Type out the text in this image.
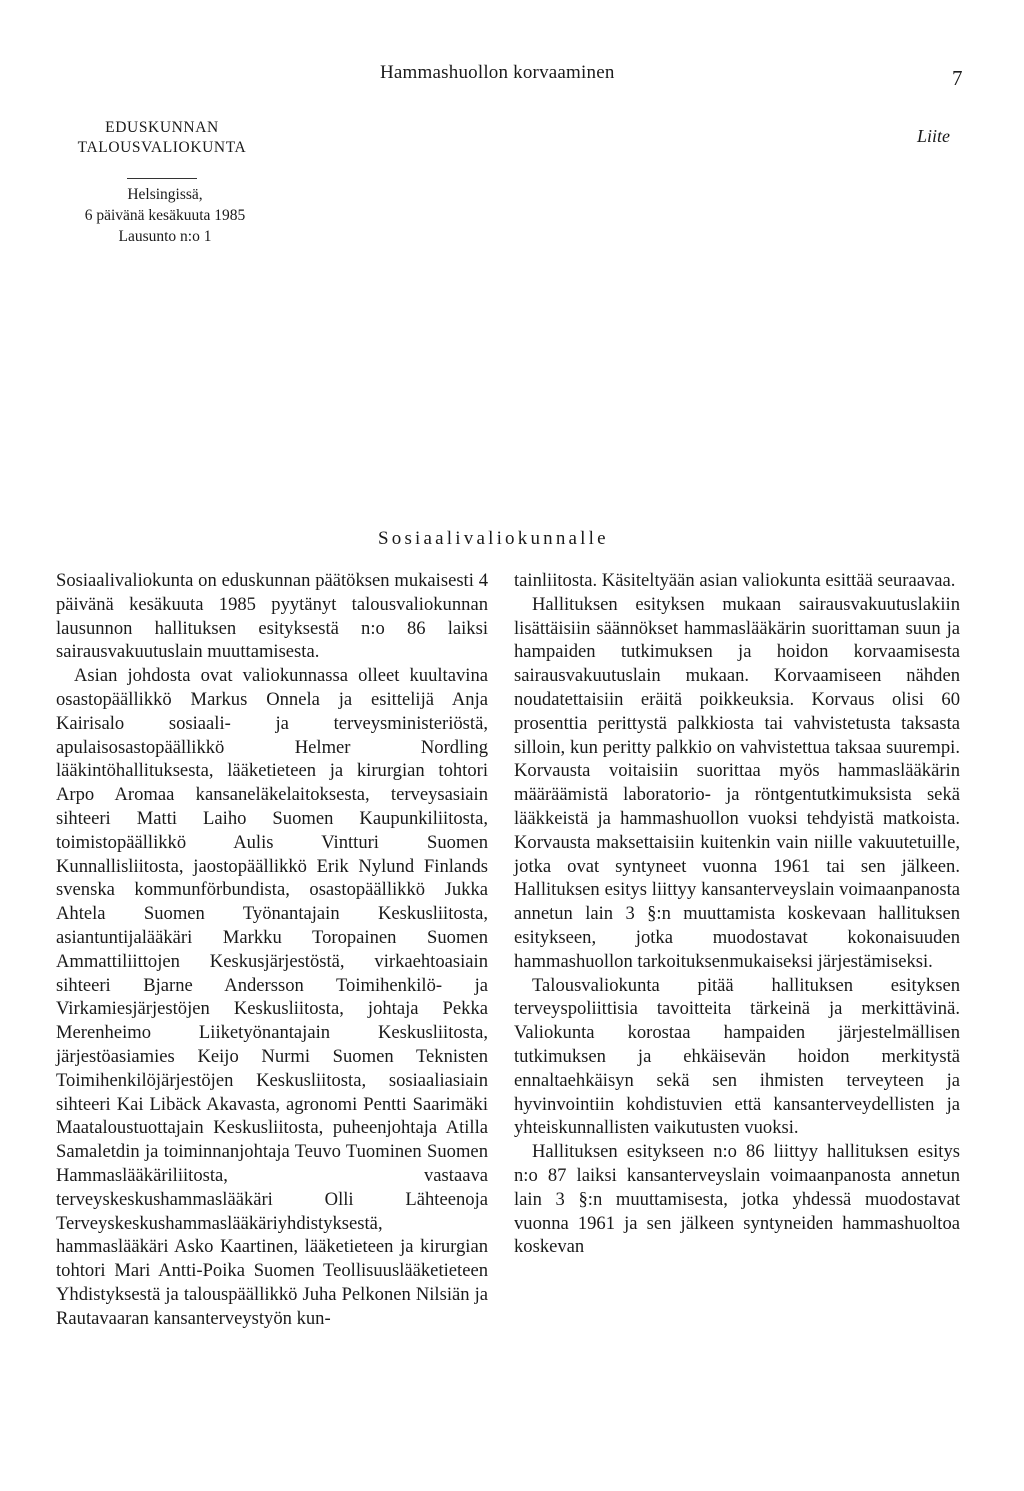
Hammashuollon korvaaminen	7
Liite
EDUSKUNNAN
TALOUSVALIOKUNTA
Helsingissä,
6 päivänä kesäkuuta 1985
Lausunto n:o 1
Sosiaalivaliokunnalle

Sosiaalivaliokunta on eduskunnan päätöksen mukaisesti 4 päivänä kesäkuuta 1985 pyytänyt talousvaliokunnan lausunnon hallituksen esityksestä n:o 86 laiksi sairausvakuutuslain muuttamisesta.

Asian johdosta ovat valiokunnassa olleet kuultavina osastopäällikkö Markus Onnela ja esittelijä Anja Kairisalo sosiaali- ja terveysministeriöstä, apulaisosastopäällikkö Helmer Nordling lääkintöhallituksesta, lääketieteen ja kirurgian tohtori Arpo Aromaa kansaneläkelaitoksesta, terveysasiain sihteeri Matti Laiho Suomen Kaupunkiliitosta, toimistopäällikkö Aulis Vintturi Suomen Kunnallisliitosta, jaostopäällikkö Erik Nylund Finlands svenska kommunförbundista, osastopäällikkö Jukka Ahtela Suomen Työnantajain Keskusliitosta, asiantuntijalääkäri Markku Toropainen Suomen Ammattiliittojen Keskusjärjestöstä, virkaehtoasiain sihteeri Bjarne Andersson Toimihenkilö- ja Virkamiesjärjestöjen Keskusliitosta, johtaja Pekka Merenheimo Liiketyönantajain Keskusliitosta, järjestöasiamies Keijo Nurmi Suomen Teknisten Toimihenkilöjärjestöjen Keskusliitosta, sosiaaliasiain sihteeri Kai Libäck Akavasta, agronomi Pentti Saarimäki Maataloustuottajain Keskusliitosta, puheenjohtaja Atilla Samaletdin ja toiminnanjohtaja Teuvo Tuominen Suomen Hammaslääkäriliitosta, vastaava terveyskeskushammaslääkäri Olli Lähteenoja Terveyskeskushammaslääkäriyhdistyksestä, hammaslääkäri Asko Kaartinen, lääketieteen ja kirurgian tohtori Mari Antti-Poika Suomen Teollisuuslääketieteen Yhdistyksestä ja talouspäällikkö Juha Pelkonen Nilsiän ja Rautavaaran kansanterveystyön kun-

tainliitosta. Käsiteltyään asian valiokunta esittää seuraavaa.

Hallituksen esityksen mukaan sairausvakuutuslakiin lisättäisiin säännökset hammaslääkärin suorittaman suun ja hampaiden tutkimuksen ja hoidon korvaamisesta sairausvakuutuslain mukaan. Korvaamiseen nähden noudatettaisiin eräitä poikkeuksia. Korvaus olisi 60 prosenttia perittystä palkkiosta tai vahvistetusta taksasta silloin, kun peritty palkkio on vahvistettua taksaa suurempi. Korvausta voitaisiin suorittaa myös hammaslääkärin määräämistä laboratorio- ja röntgentutkimuksista sekä lääkkeistä ja hammashuollon vuoksi tehdyistä matkoista. Korvausta maksettaisiin kuitenkin vain niille vakuutetuille, jotka ovat syntyneet vuonna 1961 tai sen jälkeen. Hallituksen esitys liittyy kansanterveyslain voimaanpanosta annetun lain 3 §:n muuttamista koskevaan hallituksen esitykseen, jotka muodostavat kokonaisuuden hammashuollon tarkoituksenmukaiseksi järjestämiseksi.

Talousvaliokunta pitää hallituksen esityksen terveyspoliittisia tavoitteita tärkeinä ja merkittävinä. Valiokunta korostaa hampaiden järjestelmällisen tutkimuksen ja ehkäisevän hoidon merkitystä ennaltaehkäisyn sekä sen ihmisten terveyteen ja hyvinvointiin kohdistuvien että kansanterveydellisten ja yhteiskunnallisten vaikutusten vuoksi.

Hallituksen esitykseen n:o 86 liittyy hallituksen esitys n:o 87 laiksi kansanterveyslain voimaanpanosta annetun lain 3 §:n muuttamisesta, jotka yhdessä muodostavat vuonna 1961 ja sen jälkeen syntyneiden hammashuoltoa koskevan
